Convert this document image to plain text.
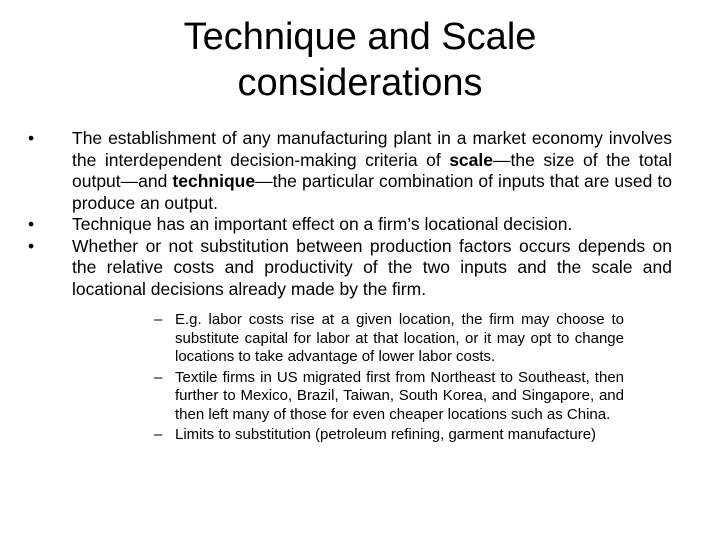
Technique and Scale
considerations
•	The establishment of any manufacturing plant in a market economy involves the interdependent decision-making criteria of scale—the size of the total output—and technique—the particular combination of inputs that are used to produce an output.
•	Technique has an important effect on a firm’s locational decision.
•	Whether or not substitution between production factors occurs depends on the relative costs and productivity of the two inputs and the scale and locational decisions already made by the firm.
– E.g. labor costs rise at a given location, the firm may choose to substitute capital for labor at that location, or it may opt to change locations to take advantage of lower labor costs.
– Textile firms in US migrated first from Northeast to Southeast, then further to Mexico, Brazil, Taiwan, South Korea, and Singapore, and then left many of those for even cheaper locations such as China.
– Limits to substitution (petroleum refining, garment manufacture)
